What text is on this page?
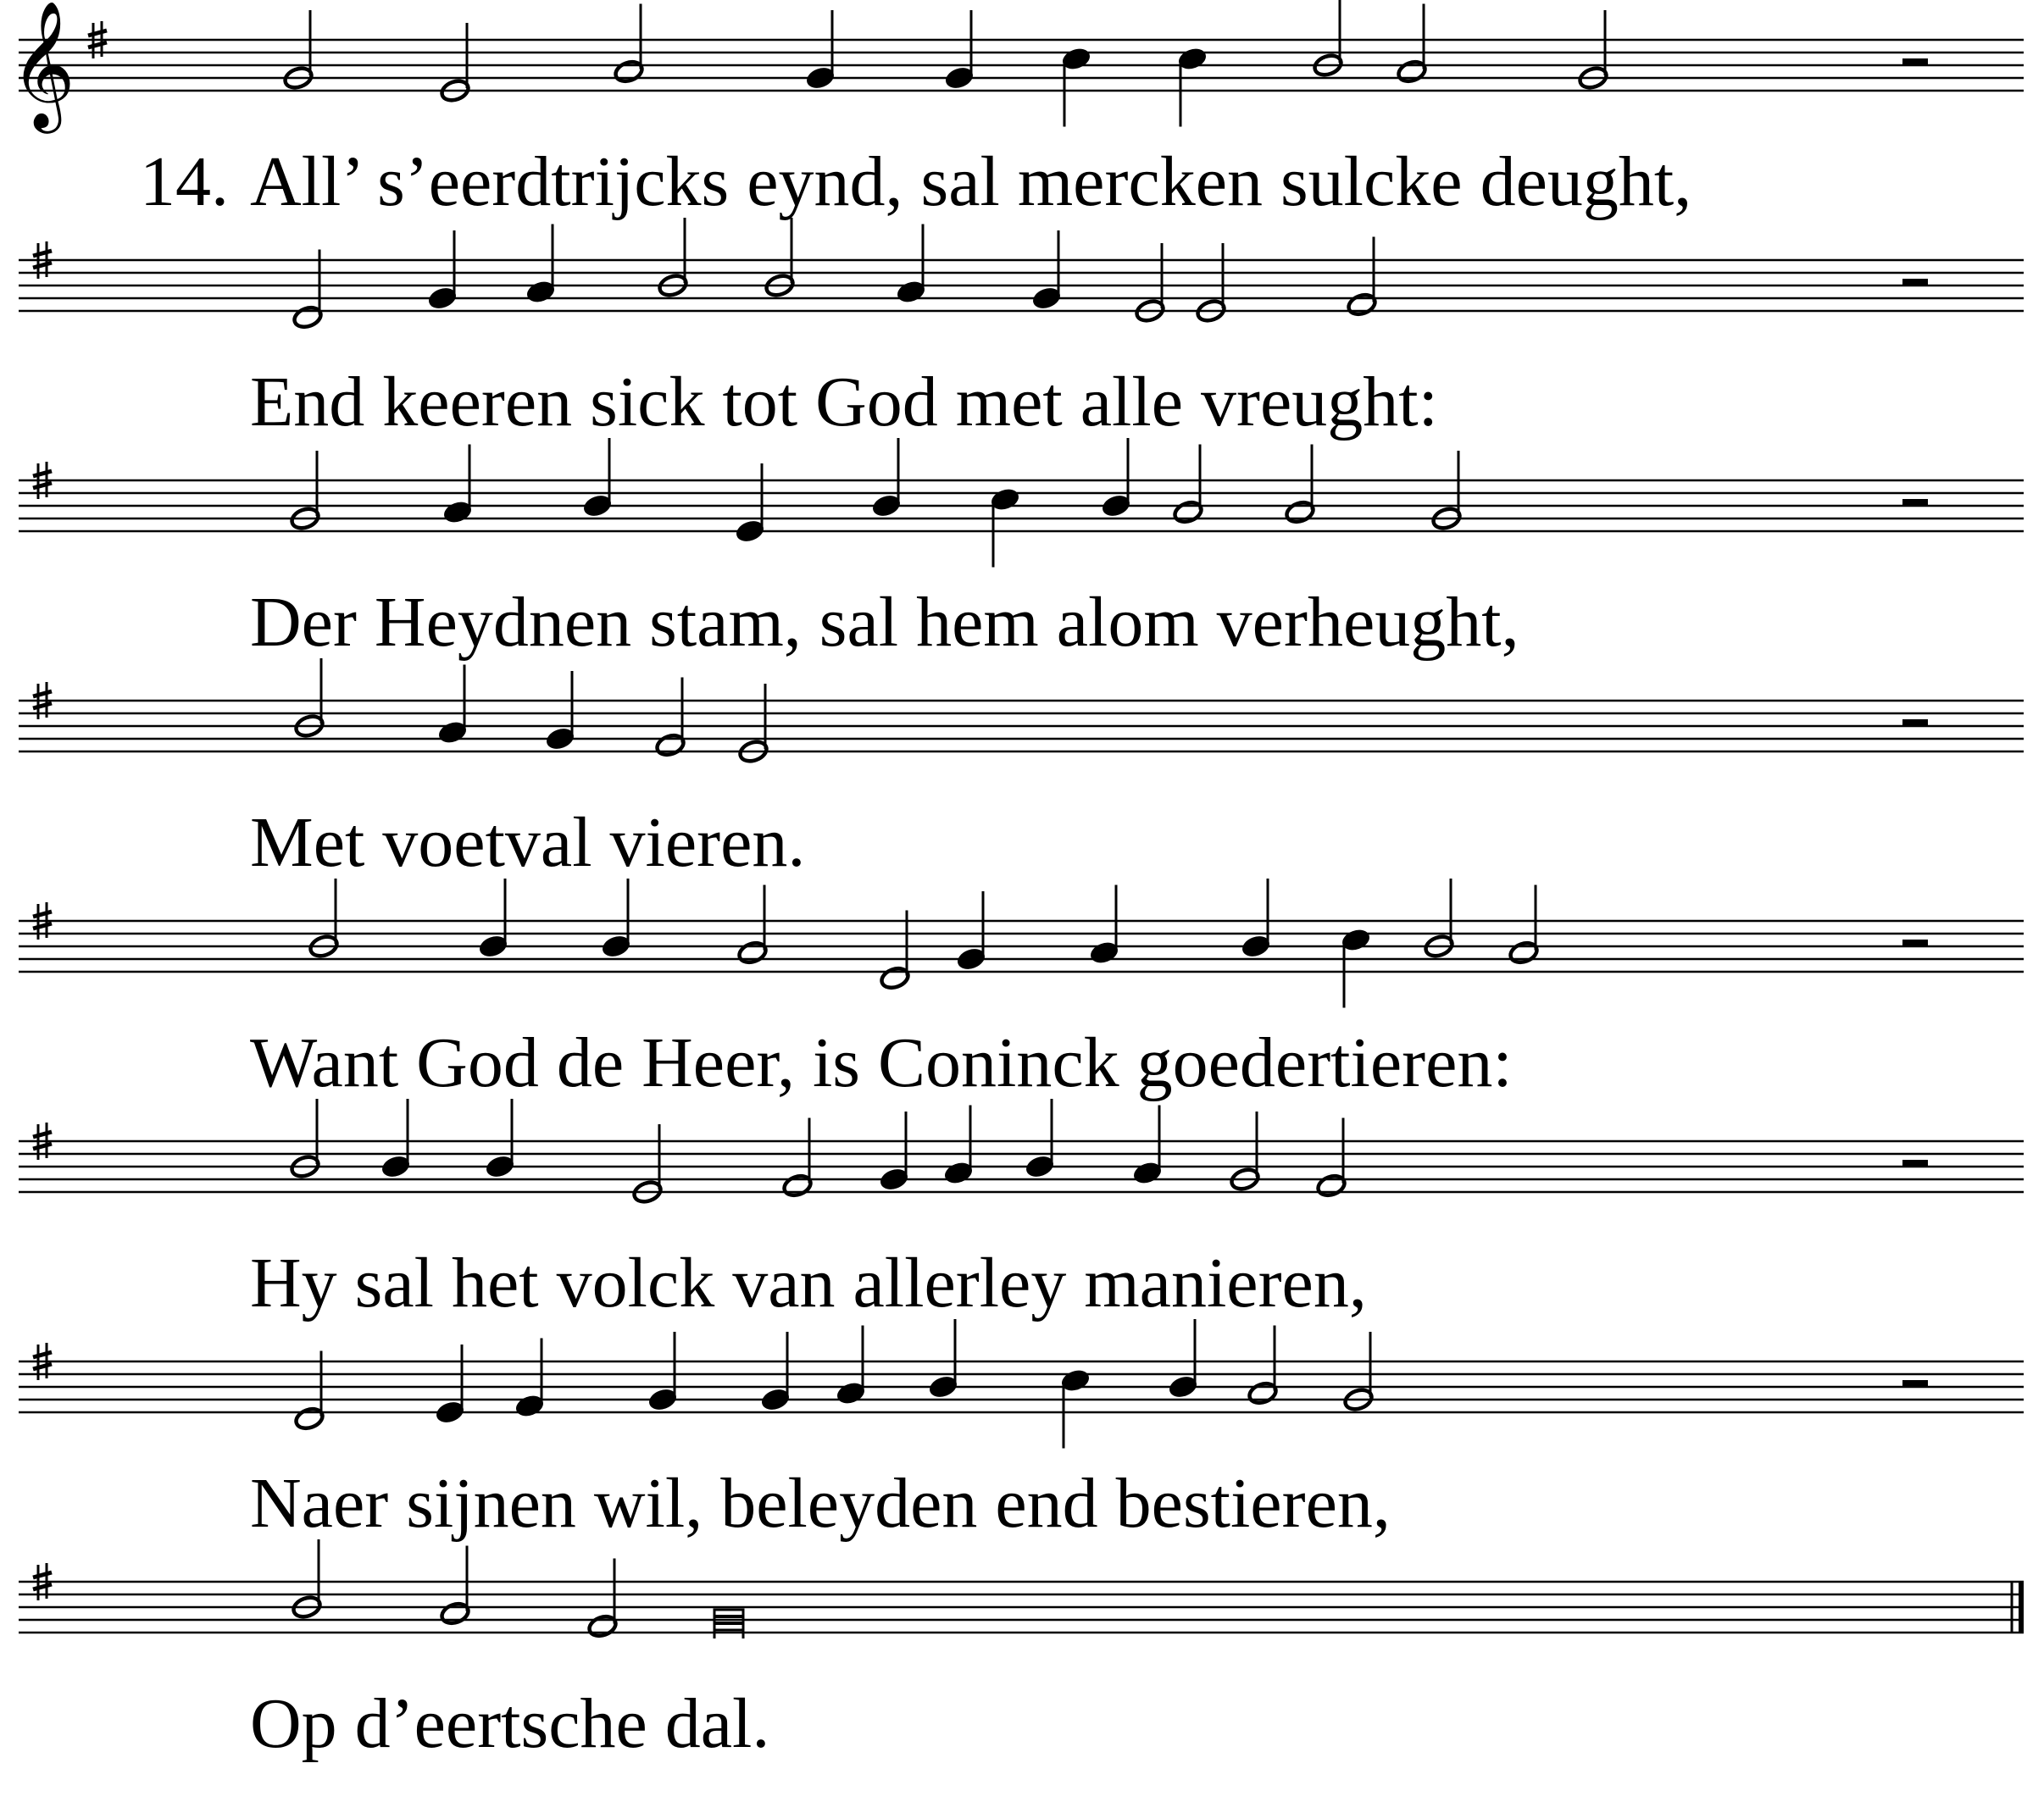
𝄞
14. All’ s’eerdtrijcks eynd, sal mercken sulcke deught,
End keeren sick tot God met alle vreught:
Der Heydnen stam, sal hem alom verheught,
Met voetval vieren.
Want God de Heer, is Coninck goedertieren:
Hy sal het volck van allerley manieren,
Naer sijnen wil, beleyden end bestieren,
Op d’eertsche dal.
